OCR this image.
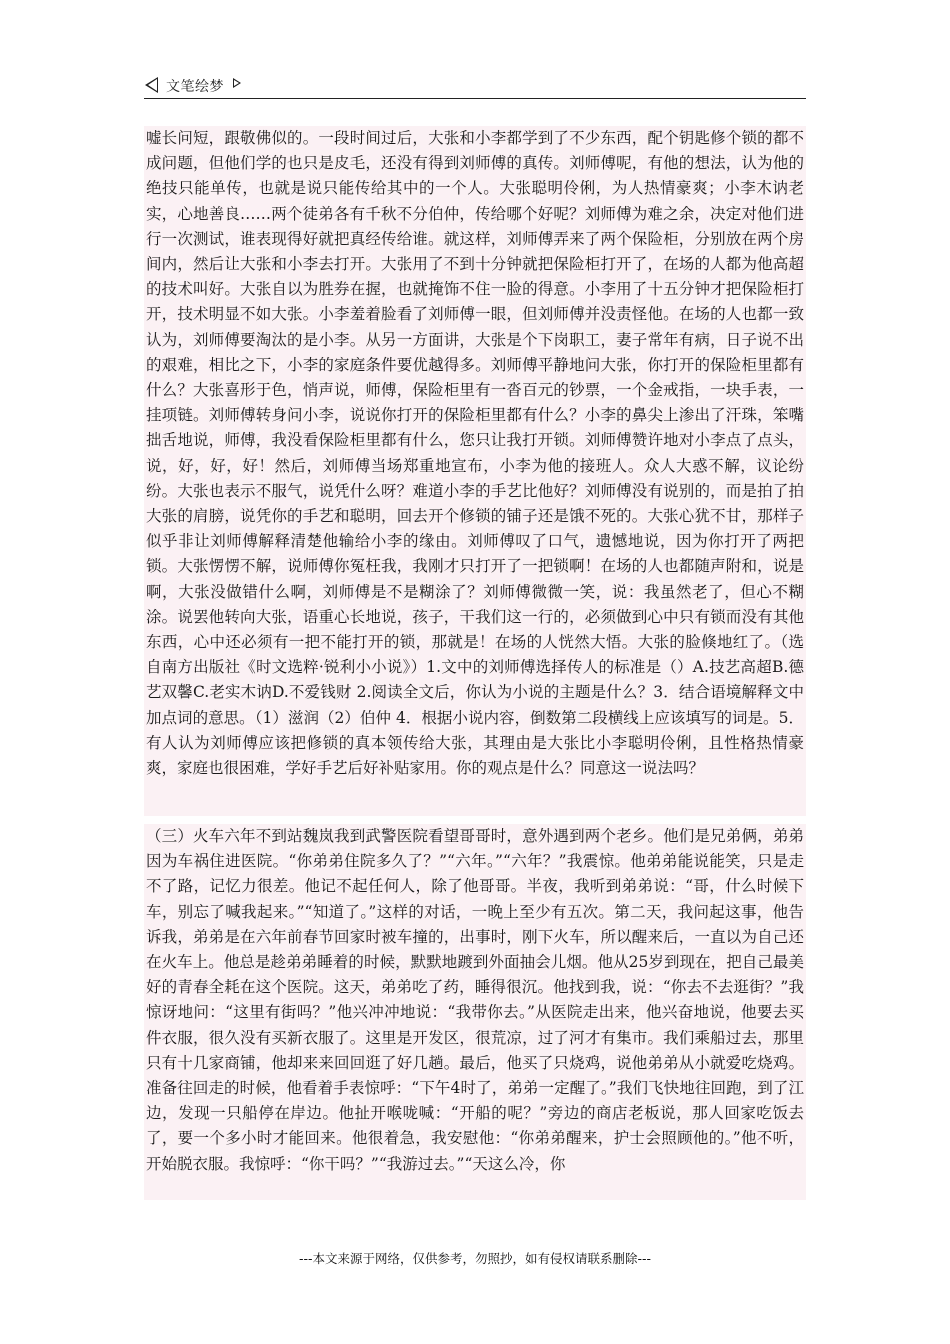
文笔绘梦
嘘长问短，跟敬佛似的。一段时间过后，大张和小李都学到了不少东西，配个钥匙修个锁的都不成问题，但他们学的也只是皮毛，还没有得到刘师傅的真传。刘师傅呢，有他的想法，认为他的绝技只能单传，也就是说只能传给其中的一个人。大张聪明伶俐，为人热情豪爽；小李木讷老实，心地善良……两个徒弟各有千秋不分伯仲，传给哪个好呢？刘师傅为难之余，决定对他们进行一次测试，谁表现得好就把真经传给谁。就这样，刘师傅弄来了两个保险柜，分别放在两个房间内，然后让大张和小李去打开。大张用了不到十分钟就把保险柜打开了，在场的人都为他高超的技术叫好。大张自以为胜券在握，也就掩饰不住一脸的得意。小李用了十五分钟才把保险柜打开，技术明显不如大张。小李羞着脸看了刘师傅一眼，但刘师傅并没责怪他。在场的人也都一致认为，刘师傅要淘汰的是小李。从另一方面讲，大张是个下岗职工，妻子常年有病，日子说不出的艰难，相比之下，小李的家庭条件要优越得多。刘师傅平静地问大张，你打开的保险柜里都有什么？大张喜形于色，悄声说，师傅，保险柜里有一沓百元的钞票，一个金戒指，一块手表，一挂项链。刘师傅转身问小李，说说你打开的保险柜里都有什么？小李的鼻尖上渗出了汗珠，笨嘴拙舌地说，师傅，我没看保险柜里都有什么，您只让我打开锁。刘师傅赞许地对小李点了点头，说，好，好，好！然后，刘师傅当场郑重地宣布，小李为他的接班人。众人大惑不解，议论纷纷。大张也表示不服气，说凭什么呀？难道小李的手艺比他好？刘师傅没有说别的，而是拍了拍大张的肩膀，说凭你的手艺和聪明，回去开个修锁的铺子还是饿不死的。大张心犹不甘，那样子似乎非让刘师傅解释清楚他输给小李的缘由。刘师傅叹了口气，遗憾地说，因为你打开了两把锁。大张愣愣不解，说师傅你冤枉我，我刚才只打开了一把锁啊！在场的人也都随声附和，说是啊，大张没做错什么啊，刘师傅是不是糊涂了？刘师傅微微一笑，说：我虽然老了，但心不糊涂。说罢他转向大张，语重心长地说，孩子，干我们这一行的，必须做到心中只有锁而没有其他东西，心中还必须有一把不能打开的锁，那就是！在场的人恍然大悟。大张的脸倏地红了。（选自南方出版社《时文选粹·锐利小小说》）1.文中的刘师傅选择传人的标准是（）A.技艺高超B.德艺双馨C.老实木讷D.不爱钱财 2.阅读全文后，你认为小说的主题是什么？3．结合语境解释文中加点词的意思。（1）滋润（2）伯仲 4．根据小说内容，倒数第二段横线上应该填写的词是。5．有人认为刘师傅应该把修锁的真本领传给大张，其理由是大张比小李聪明伶俐，且性格热情豪爽，家庭也很困难，学好手艺后好补贴家用。你的观点是什么？同意这一说法吗？
（三）火车六年不到站魏岚我到武警医院看望哥哥时，意外遇到两个老乡。他们是兄弟俩，弟弟因为车祸住进医院。“你弟弟住院多久了？”“六年。”“六年？”我震惊。他弟弟能说能笑，只是走不了路，记忆力很差。他记不起任何人，除了他哥哥。半夜，我听到弟弟说：“哥，什么时候下车，别忘了喊我起来。”“知道了。”这样的对话，一晚上至少有五次。第二天，我问起这事，他告诉我，弟弟是在六年前春节回家时被车撞的，出事时，刚下火车，所以醒来后，一直以为自己还在火车上。他总是趁弟弟睡着的时候，默默地踱到外面抽会儿烟。他从25岁到现在，把自己最美好的青春全耗在这个医院。这天，弟弟吃了药，睡得很沉。他找到我，说：“你去不去逛街？”我惊讶地问：“这里有街吗？”他兴冲冲地说：“我带你去。”从医院走出来，他兴奋地说，他要去买件衣服，很久没有买新衣服了。这里是开发区，很荒凉，过了河才有集市。我们乘船过去，那里只有十几家商铺，他却来来回回逛了好几趟。最后，他买了只烧鸡，说他弟弟从小就爱吃烧鸡。准备往回走的时候，他看着手表惊呼：“下午4时了，弟弟一定醒了。”我们飞快地往回跑，到了江边，发现一只船停在岸边。他扯开喉咙喊：“开船的呢？”旁边的商店老板说，那人回家吃饭去了，要一个多小时才能回来。他很着急，我安慰他：“你弟弟醒来，护士会照顾他的。”他不听，开始脱衣服。我惊呼：“你干吗？”“我游过去。”“天这么冷，你
---本文来源于网络，仅供参考，勿照抄，如有侵权请联系删除---
